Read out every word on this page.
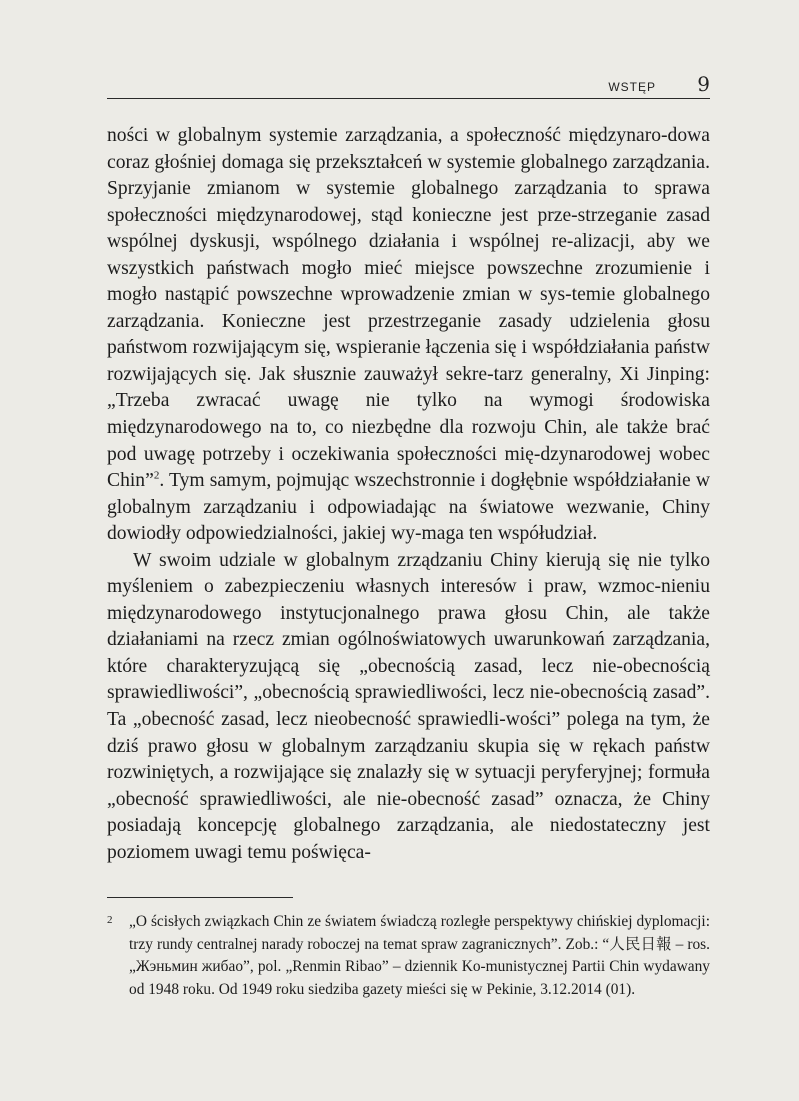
WSTĘP 9

ności w globalnym systemie zarządzania, a społeczność międzynaro-dowa coraz głośniej domaga się przekształceń w systemie globalnego zarządzania. Sprzyjanie zmianom w systemie globalnego zarządzania to sprawa społeczności międzynarodowej, stąd konieczne jest prze-strzeganie zasad wspólnej dyskusji, wspólnego działania i wspólnej re-alizacji, aby we wszystkich państwach mogło mieć miejsce powszechne zrozumienie i mogło nastąpić powszechne wprowadzenie zmian w sys-temie globalnego zarządzania. Konieczne jest przestrzeganie zasady udzielenia głosu państwom rozwijającym się, wspieranie łączenia się i współdziałania państw rozwijających się. Jak słusznie zauważył sekre-tarz generalny, Xi Jinping: „Trzeba zwracać uwagę nie tylko na wymogi środowiska międzynarodowego na to, co niezbędne dla rozwoju Chin, ale także brać pod uwagę potrzeby i oczekiwania społeczności mię-dzynarodowej wobec Chin”$^2$. Tym samym, pojmując wszechstronnie i dogłębnie współdziałanie w globalnym zarządzaniu i odpowiadając na światowe wezwanie, Chiny dowiodły odpowiedzialności, jakiej wy-maga ten współudział.

W swoim udziale w globalnym zrządzaniu Chiny kierują się nie tylko myśleniem o zabezpieczeniu własnych interesów i praw, wzmoc-nieniu międzynarodowego instytucjonalnego prawa głosu Chin, ale także działaniami na rzecz zmian ogólnoświatowych uwarunkowań zarządzania, które charakteryzującą się „obecnością zasad, lecz nie-obecnością sprawiedliwości”, „obecnością sprawiedliwości, lecz nie-obecnością zasad”. Ta „obecność zasad, lecz nieobecność sprawiedli-wości” polega na tym, że dziś prawo głosu w globalnym zarządzaniu skupia się w rękach państw rozwiniętych, a rozwijające się znalazły się w sytuacji peryferyjnej; formuła „obecność sprawiedliwości, ale nie-obecność zasad” oznacza, że Chiny posiadają koncepcję globalnego zarządzania, ale niedostateczny jest poziomem uwagi temu poświęca-

2 „O ścisłych związkach Chin ze światem świadczą rozległe perspektywy chińskiej dyplomacji: trzy rundy centralnej narady roboczej na temat spraw zagranicznych”. Zob.: “人民日報 – ros. „Жэньмин жибао”, pol. „Renmin Ribao” – dziennik Ko-munistycznej Partii Chin wydawany od 1948 roku. Od 1949 roku siedziba gazety mieści się w Pekinie, 3.12.2014 (01).
